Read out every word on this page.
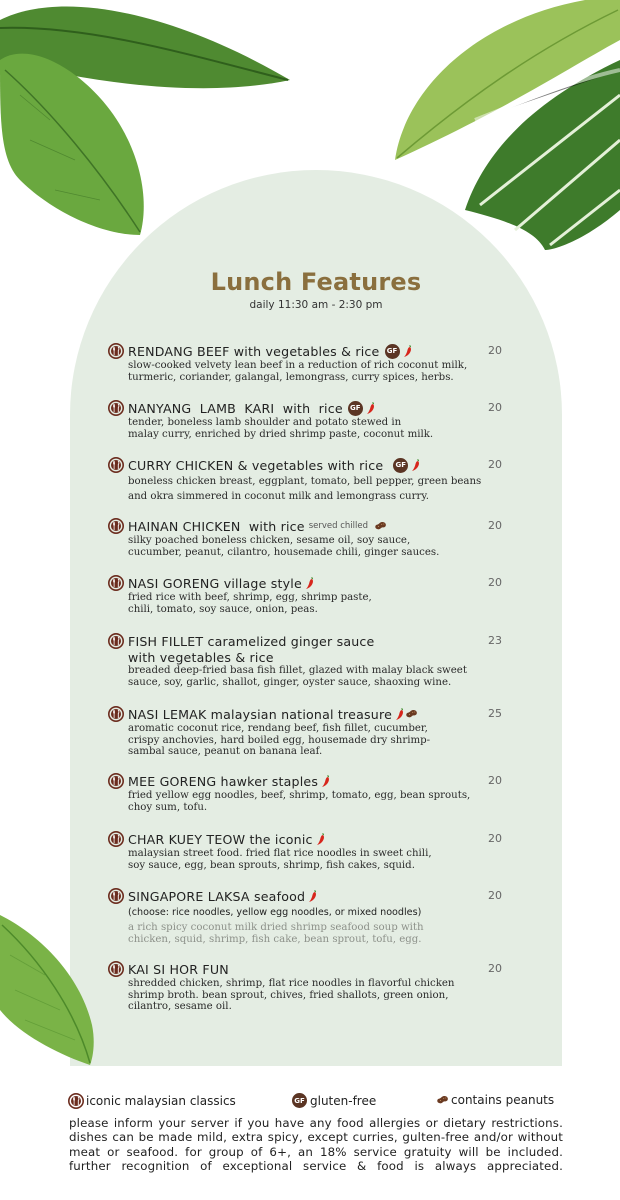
Lunch Features
daily 11:30 am - 2:30 pm
RENDANG BEEF with vegetables & rice	GF	20
slow-cooked velvety lean beef in a reduction of rich coconut milk,
turmeric, coriander, galangal, lemongrass, curry spices, herbs.
NANYANG  LAMB  KARI  with  rice	GF	20
tender, boneless lamb shoulder and potato stewed in
malay curry, enriched by dried shrimp paste, coconut milk.
CURRY CHICKEN & vegetables with rice	GF	20
boneless chicken breast, eggplant, tomato, bell pepper, green beans
and okra simmered in coconut milk and lemongrass curry.
HAINAN CHICKEN  with rice served chilled	20
silky poached boneless chicken, sesame oil, soy sauce,
cucumber, peanut, cilantro, housemade chili, ginger sauces.
NASI GORENG village style	20
fried rice with beef, shrimp, egg, shrimp paste,
chili, tomato, soy sauce, onion, peas.
FISH FILLET caramelized ginger sauce	23
with vegetables & rice
breaded deep-fried basa fish fillet, glazed with malay black sweet
sauce, soy, garlic, shallot, ginger, oyster sauce, shaoxing wine.
NASI LEMAK malaysian national treasure	25
aromatic coconut rice, rendang beef, fish fillet, cucumber,
crispy anchovies, hard boiled egg, housemade dry shrimp-
sambal sauce, peanut on banana leaf.
MEE GORENG hawker staples	20
fried yellow egg noodles, beef, shrimp, tomato, egg, bean sprouts,
choy sum, tofu.
CHAR KUEY TEOW the iconic	20
malaysian street food. fried flat rice noodles in sweet chili,
soy sauce, egg, bean sprouts, shrimp, fish cakes, squid.
SINGAPORE LAKSA seafood	20
(choose: rice noodles, yellow egg noodles, or mixed noodles)
a rich spicy coconut milk dried shrimp seafood soup with
chicken, squid, shrimp, fish cake, bean sprout, tofu, egg.
KAI SI HOR FUN	20
shredded chicken, shrimp, flat rice noodles in flavorful chicken
shrimp broth. bean sprout, chives, fried shallots, green onion,
cilantro, sesame oil.
iconic malaysian classics	GF gluten-free	contains peanuts
please inform your server if you have any food allergies or dietary restrictions.
dishes can be made mild, extra spicy, except curries, gulten-free and/or without
meat or seafood. for group of 6+, an 18% service gratuity will be included.
further recognition of exceptional service & food is always appreciated.
